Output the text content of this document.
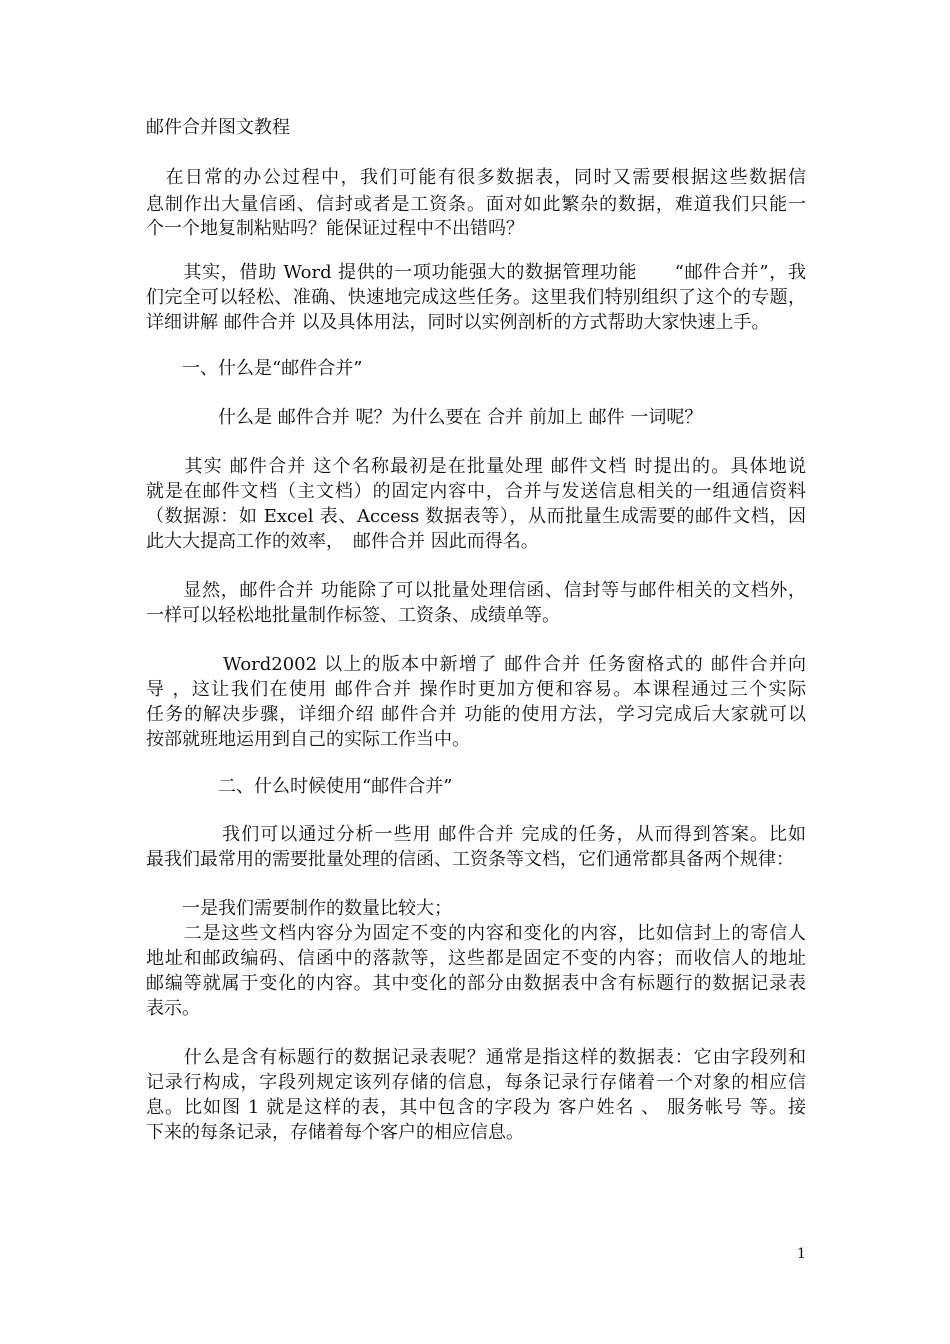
邮件合并图文教程
1
　在日常的办公过程中，我们可能有很多数据表，同时又需要根据这些数据信
息制作出大量信函、信封或者是工资条。面对如此繁杂的数据，难道我们只能一
个一个地复制粘贴吗？能保证过程中不出错吗？
　　其实，借助 Word 提供的一项功能强大的数据管理功能　　“邮件合并”，我
们完全可以轻松、准确、快速地完成这些任务。这里我们特别组织了这个的专题，
详细讲解 邮件合并 以及具体用法，同时以实例剖析的方式帮助大家快速上手。
　　一、什么是“邮件合并”
　　　　什么是 邮件合并 呢？为什么要在 合并 前加上 邮件 一词呢？
　　其实 邮件合并 这个名称最初是在批量处理 邮件文档 时提出的。具体地说
就是在邮件文档（主文档）的固定内容中，合并与发送信息相关的一组通信资料
（数据源：如 Excel 表、Access 数据表等），从而批量生成需要的邮件文档，因
此大大提高工作的效率，　邮件合并 因此而得名。
　　显然，邮件合并 功能除了可以批量处理信函、信封等与邮件相关的文档外，
一样可以轻松地批量制作标签、工资条、成绩单等。
　　　　Word2002 以上的版本中新增了 邮件合并 任务窗格式的 邮件合并向
导 ，这让我们在使用 邮件合并 操作时更加方便和容易。本课程通过三个实际
任务的解决步骤，详细介绍 邮件合并 功能的使用方法，学习完成后大家就可以
按部就班地运用到自己的实际工作当中。
　　　　二、什么时候使用“邮件合并”
　　　　我们可以通过分析一些用 邮件合并 完成的任务，从而得到答案。比如
最我们最常用的需要批量处理的信函、工资条等文档，它们通常都具备两个规律：
　　一是我们需要制作的数量比较大；
　　二是这些文档内容分为固定不变的内容和变化的内容，比如信封上的寄信人
地址和邮政编码、信函中的落款等，这些都是固定不变的内容；而收信人的地址
邮编等就属于变化的内容。其中变化的部分由数据表中含有标题行的数据记录表
表示。
　　什么是含有标题行的数据记录表呢？通常是指这样的数据表：它由字段列和
记录行构成，字段列规定该列存储的信息，每条记录行存储着一个对象的相应信
息。比如图 1 就是这样的表，其中包含的字段为 客户姓名 、 服务帐号 等。接
下来的每条记录，存储着每个客户的相应信息。
